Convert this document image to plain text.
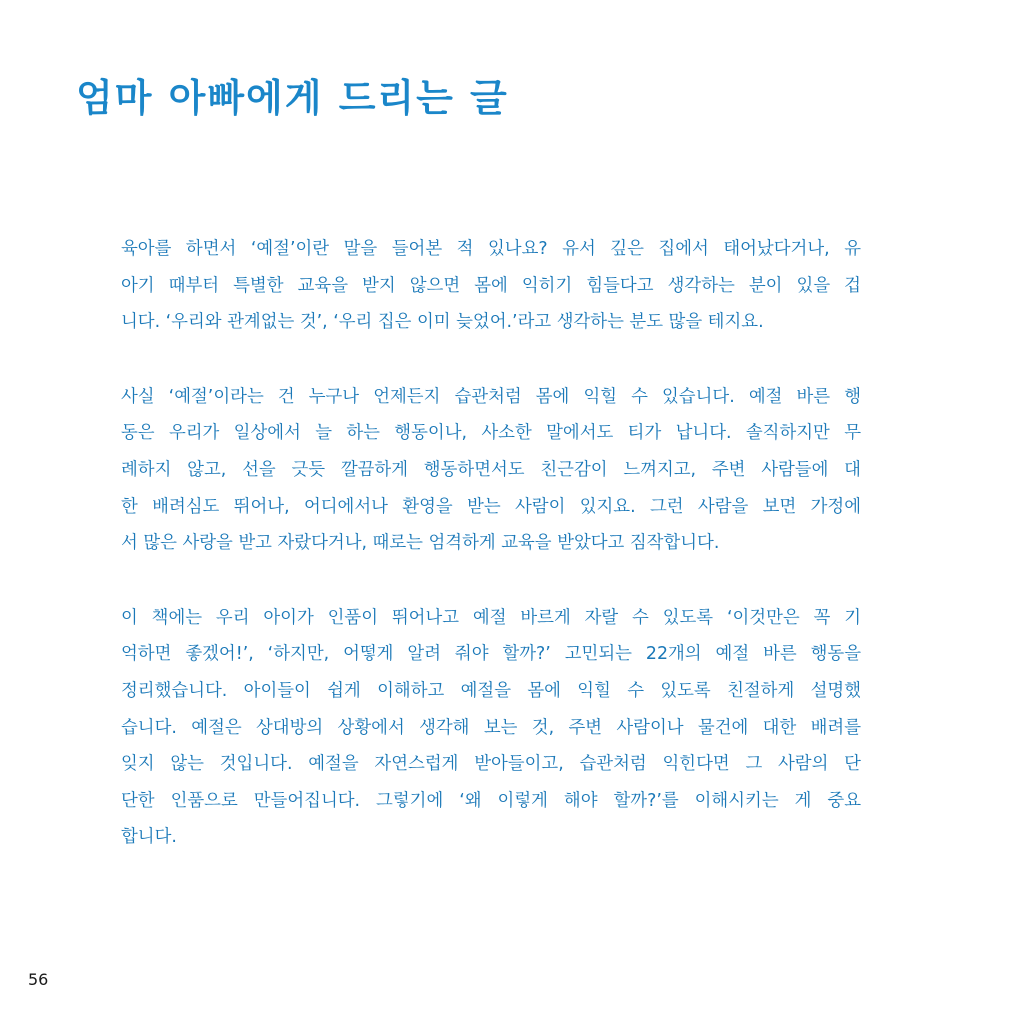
엄마 아빠에게 드리는 글

육아를 하면서 ‘예절’이란 말을 들어본 적 있나요? 유서 깊은 집에서 태어났다거나, 유
아기 때부터 특별한 교육을 받지 않으면 몸에 익히기 힘들다고 생각하는 분이 있을 겁
니다. ‘우리와 관계없는 것’, ‘우리 집은 이미 늦었어.’라고 생각하는 분도 많을 테지요.

사실 ‘예절’이라는 건 누구나 언제든지 습관처럼 몸에 익힐 수 있습니다. 예절 바른 행
동은 우리가 일상에서 늘 하는 행동이나, 사소한 말에서도 티가 납니다. 솔직하지만 무
례하지 않고, 선을 긋듯 깔끔하게 행동하면서도 친근감이 느껴지고, 주변 사람들에 대
한 배려심도 뛰어나, 어디에서나 환영을 받는 사람이 있지요. 그런 사람을 보면 가정에
서 많은 사랑을 받고 자랐다거나, 때로는 엄격하게 교육을 받았다고 짐작합니다.

이 책에는 우리 아이가 인품이 뛰어나고 예절 바르게 자랄 수 있도록 ‘이것만은 꼭 기
억하면 좋겠어!’, ‘하지만, 어떻게 알려 줘야 할까?’ 고민되는 22개의 예절 바른 행동을
정리했습니다. 아이들이 쉽게 이해하고 예절을 몸에 익힐 수 있도록 친절하게 설명했
습니다. 예절은 상대방의 상황에서 생각해 보는 것, 주변 사람이나 물건에 대한 배려를
잊지 않는 것입니다. 예절을 자연스럽게 받아들이고, 습관처럼 익힌다면 그 사람의 단
단한 인품으로 만들어집니다. 그렇기에 ‘왜 이렇게 해야 할까?’를 이해시키는 게 중요
합니다.

56
